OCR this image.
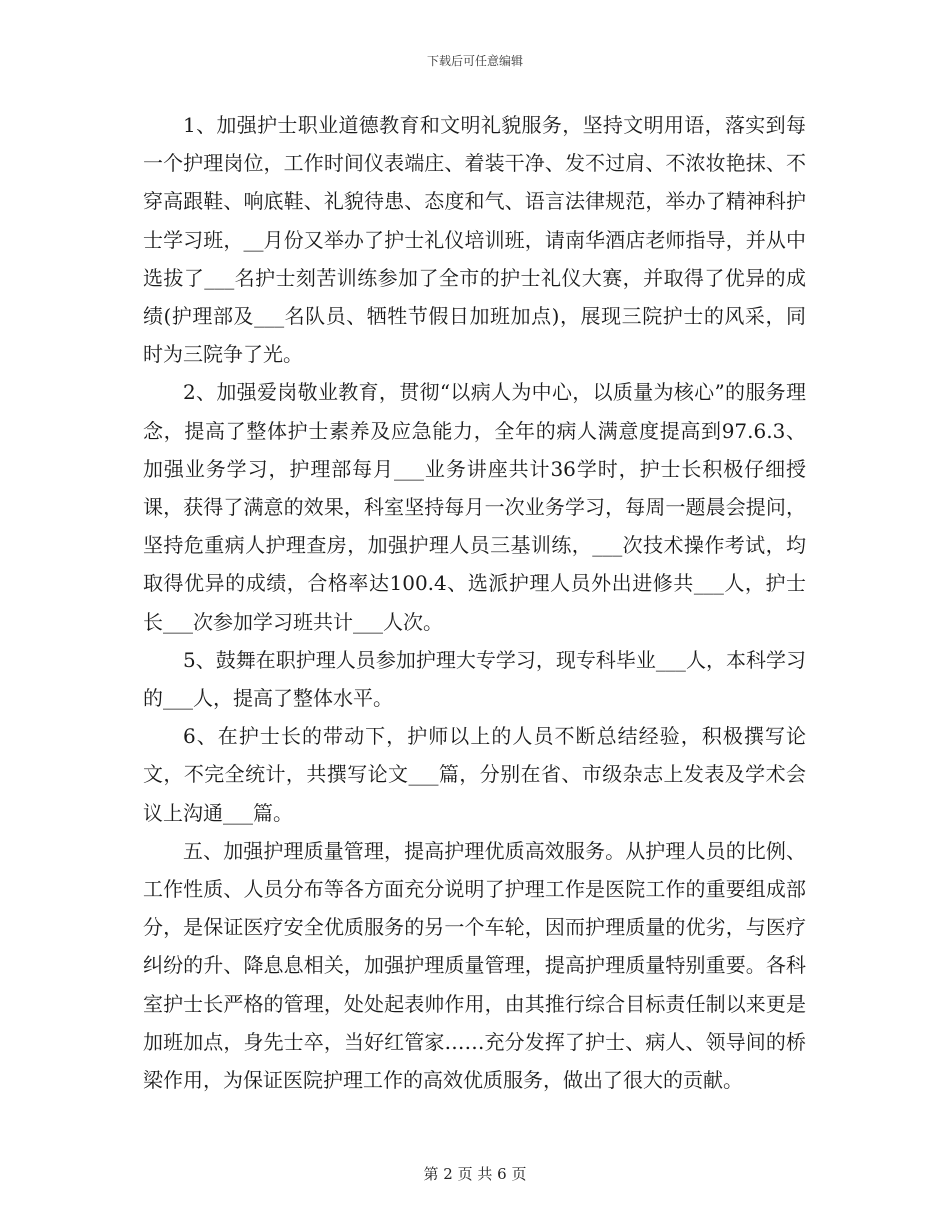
下载后可任意编辑

1、加强护士职业道德教育和文明礼貌服务，坚持文明用语，落实到每一个护理岗位，工作时间仪表端庄、着装干净、发不过肩、不浓妆艳抹、不穿高跟鞋、响底鞋、礼貌待患、态度和气、语言法律规范，举办了精神科护士学习班，__月份又举办了护士礼仪培训班，请南华酒店老师指导，并从中选拔了___名护士刻苦训练参加了全市的护士礼仪大赛，并取得了优异的成绩(护理部及___名队员、牺牲节假日加班加点)，展现三院护士的风采，同时为三院争了光。

2、加强爱岗敬业教育，贯彻“以病人为中心，以质量为核心”的服务理念，提高了整体护士素养及应急能力，全年的病人满意度提高到97.6.3、加强业务学习，护理部每月___业务讲座共计36学时，护士长积极仔细授课，获得了满意的效果，科室坚持每月一次业务学习，每周一题晨会提问，坚持危重病人护理查房，加强护理人员三基训练，___次技术操作考试，均取得优异的成绩，合格率达100.4、选派护理人员外出进修共___人，护士长___次参加学习班共计___人次。

5、鼓舞在职护理人员参加护理大专学习，现专科毕业___人，本科学习的___人，提高了整体水平。

6、在护士长的带动下，护师以上的人员不断总结经验，积极撰写论文，不完全统计，共撰写论文___篇，分别在省、市级杂志上发表及学术会议上沟通___篇。

五、加强护理质量管理，提高护理优质高效服务。从护理人员的比例、工作性质、人员分布等各方面充分说明了护理工作是医院工作的重要组成部分，是保证医疗安全优质服务的另一个车轮，因而护理质量的优劣，与医疗纠纷的升、降息息相关，加强护理质量管理，提高护理质量特别重要。各科室护士长严格的管理，处处起表帅作用，由其推行综合目标责任制以来更是加班加点，身先士卒，当好红管家……充分发挥了护士、病人、领导间的桥梁作用，为保证医院护理工作的高效优质服务，做出了很大的贡献。

第 2 页 共 6 页
